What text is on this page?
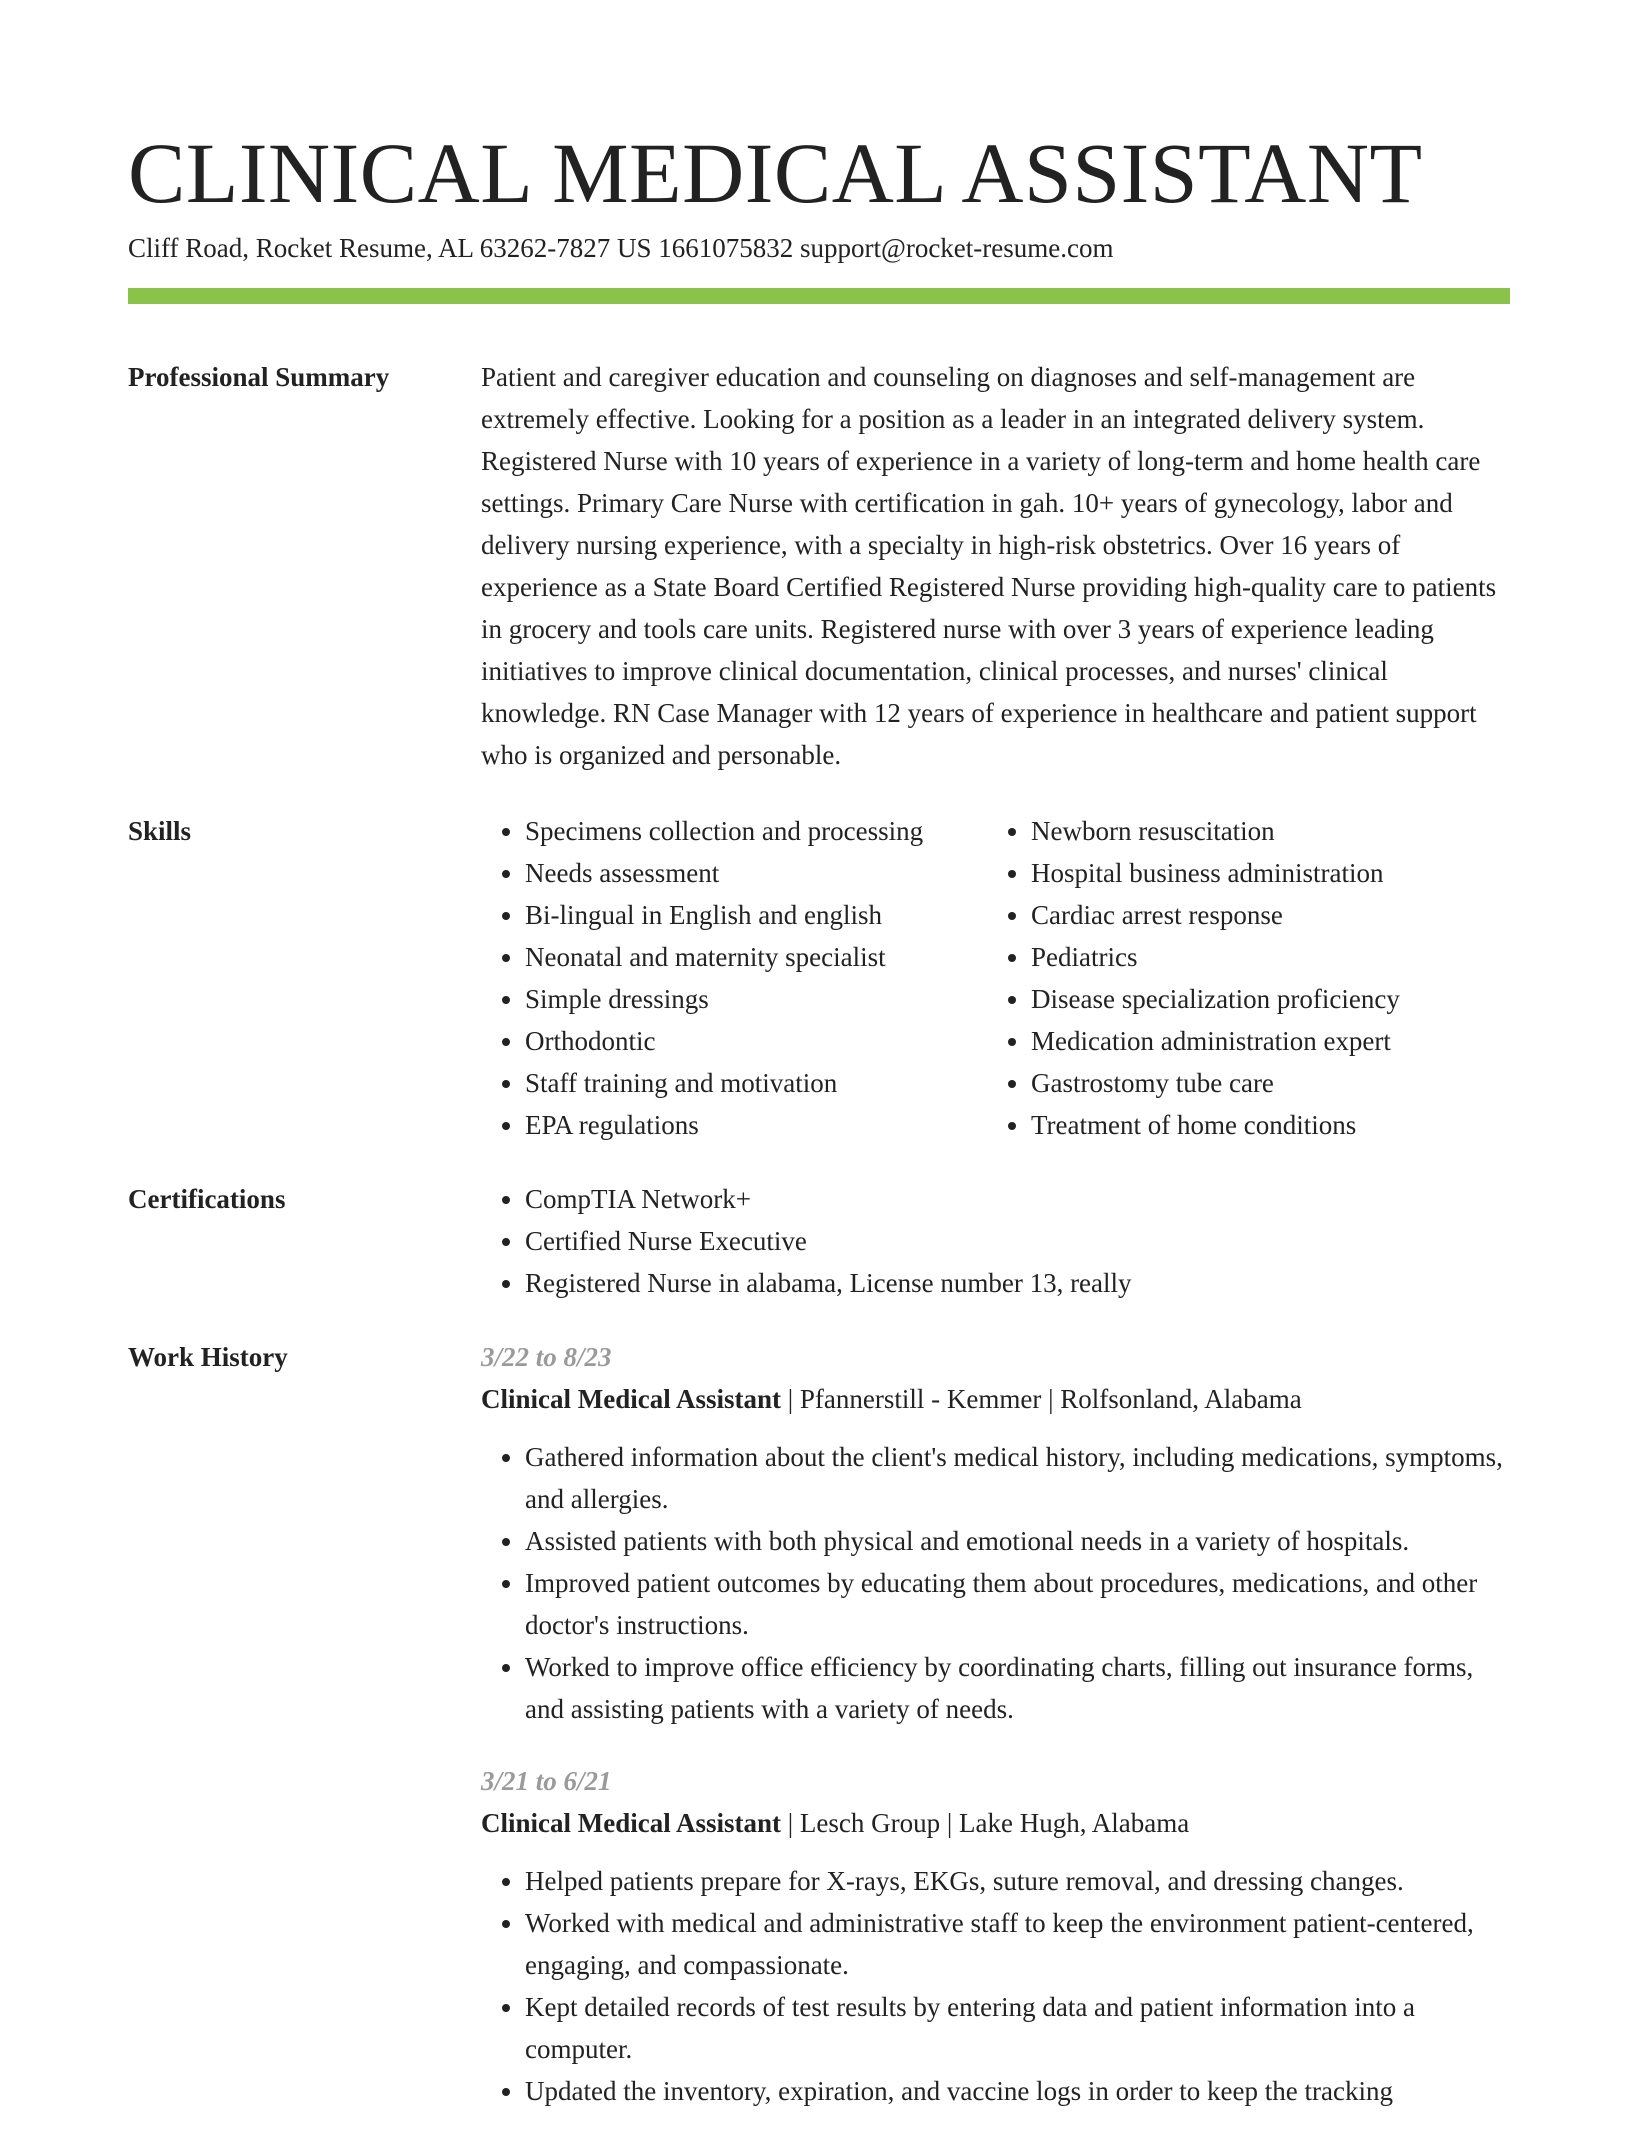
CLINICAL MEDICAL ASSISTANT
Cliff Road, Rocket Resume, AL 63262-7827 US 1661075832 support@rocket-resume.com
Professional Summary	Patient and caregiver education and counseling on diagnoses and self-management are extremely effective. Looking for a position as a leader in an integrated delivery system. Registered Nurse with 10 years of experience in a variety of long-term and home health care settings. Primary Care Nurse with certification in gah. 10+ years of gynecology, labor and delivery nursing experience, with a specialty in high-risk obstetrics. Over 16 years of experience as a State Board Certified Registered Nurse providing high-quality care to patients in grocery and tools care units. Registered nurse with over 3 years of experience leading initiatives to improve clinical documentation, clinical processes, and nurses' clinical knowledge. RN Case Manager with 12 years of experience in healthcare and patient support who is organized and personable.

Skills	• Specimens collection and processing
• Needs assessment
• Bi-lingual in English and english
• Neonatal and maternity specialist
• Simple dressings
• Orthodontic
• Staff training and motivation
• EPA regulations
• Newborn resuscitation
• Hospital business administration
• Cardiac arrest response
• Pediatrics
• Disease specialization proficiency
• Medication administration expert
• Gastrostomy tube care
• Treatment of home conditions
Certifications	• CompTIA Network+
• Certified Nurse Executive
• Registered Nurse in alabama, License number 13, really
Work History	3/22 to 8/23
Clinical Medical Assistant | Pfannerstill - Kemmer | Rolfsonland, Alabama
• Gathered information about the client's medical history, including medications, symptoms, and allergies.
• Assisted patients with both physical and emotional needs in a variety of hospitals.
• Improved patient outcomes by educating them about procedures, medications, and other doctor's instructions.
• Worked to improve office efficiency by coordinating charts, filling out insurance forms, and assisting patients with a variety of needs.
3/21 to 6/21
Clinical Medical Assistant | Lesch Group | Lake Hugh, Alabama
• Helped patients prepare for X-rays, EKGs, suture removal, and dressing changes.
• Worked with medical and administrative staff to keep the environment patient-centered, engaging, and compassionate.
• Kept detailed records of test results by entering data and patient information into a computer.
• Updated the inventory, expiration, and vaccine logs in order to keep the tracking
